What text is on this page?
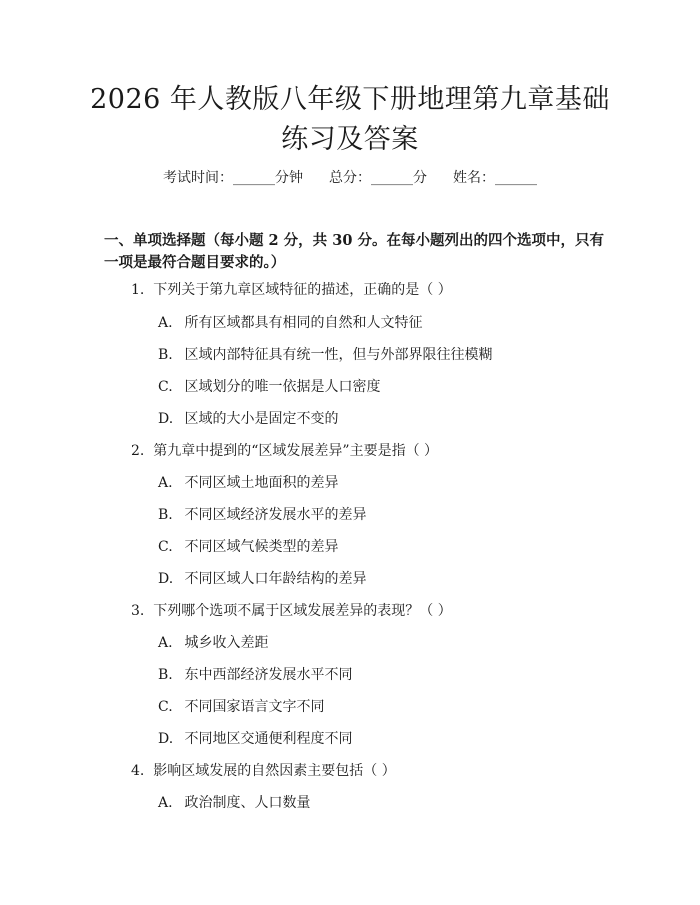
2026 年人教版八年级下册地理第九章基础练习及答案
考试时间：______分钟 总分：______分 姓名：______
一、单项选择题（每小题 2 分，共 30 分。在每小题列出的四个选项中，只有一项是最符合题目要求的。）
1. 下列关于第九章区域特征的描述，正确的是（ ）
A. 所有区域都具有相同的自然和人文特征
B. 区域内部特征具有统一性，但与外部界限往往模糊
C. 区域划分的唯一依据是人口密度
D. 区域的大小是固定不变的
2. 第九章中提到的“区域发展差异”主要是指（ ）
A. 不同区域土地面积的差异
B. 不同区域经济发展水平的差异
C. 不同区域气候类型的差异
D. 不同区域人口年龄结构的差异
3. 下列哪个选项不属于区域发展差异的表现？（ ）
A. 城乡收入差距
B. 东中西部经济发展水平不同
C. 不同国家语言文字不同
D. 不同地区交通便利程度不同
4. 影响区域发展的自然因素主要包括（ ）
A. 政治制度、人口数量
